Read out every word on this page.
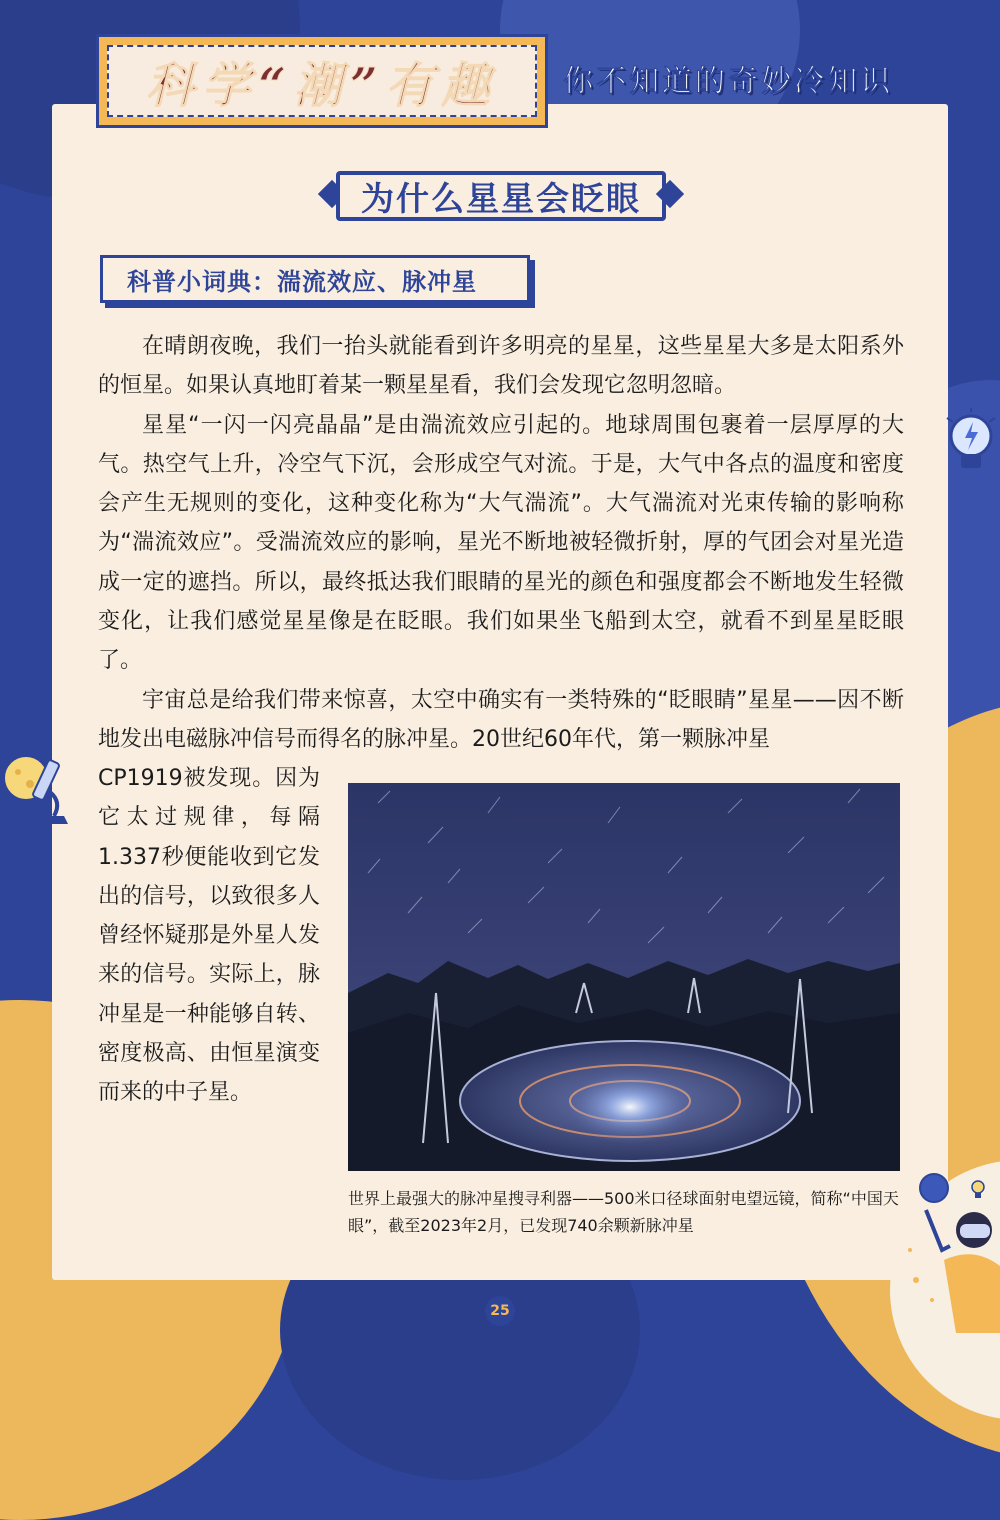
科学“潮”有趣 你不知道的奇妙冷知识
为什么星星会眨眼
科普小词典：湍流效应、脉冲星

在晴朗夜晚，我们一抬头就能看到许多明亮的星星，这些星星大多是太阳系外的恒星。如果认真地盯着某一颗星星看，我们会发现它忽明忽暗。

星星“一闪一闪亮晶晶”是由湍流效应引起的。地球周围包裹着一层厚厚的大气。热空气上升，冷空气下沉，会形成空气对流。于是，大气中各点的温度和密度会产生无规则的变化，这种变化称为“大气湍流”。大气湍流对光束传输的影响称为“湍流效应”。受湍流效应的影响，星光不断地被轻微折射，厚的气团会对星光造成一定的遮挡。所以，最终抵达我们眼睛的星光的颜色和强度都会不断地发生轻微变化，让我们感觉星星像是在眨眼。我们如果坐飞船到太空，就看不到星星眨眼了。

宇宙总是给我们带来惊喜，太空中确实有一类特殊的“眨眼睛”星星——因不断地发出电磁脉冲信号而得名的脉冲星。20世纪60年代，第一颗脉冲星

CP1919被发现。因为它太过规律，每隔1.337秒便能收到它发出的信号，以致很多人曾经怀疑那是外星人发来的信号。实际上，脉冲星是一种能够自转、密度极高、由恒星演变而来的中子星。

世界上最强大的脉冲星搜寻利器——500米口径球面射电望远镜，简称“中国天眼”，截至2023年2月，已发现740余颗新脉冲星
25
